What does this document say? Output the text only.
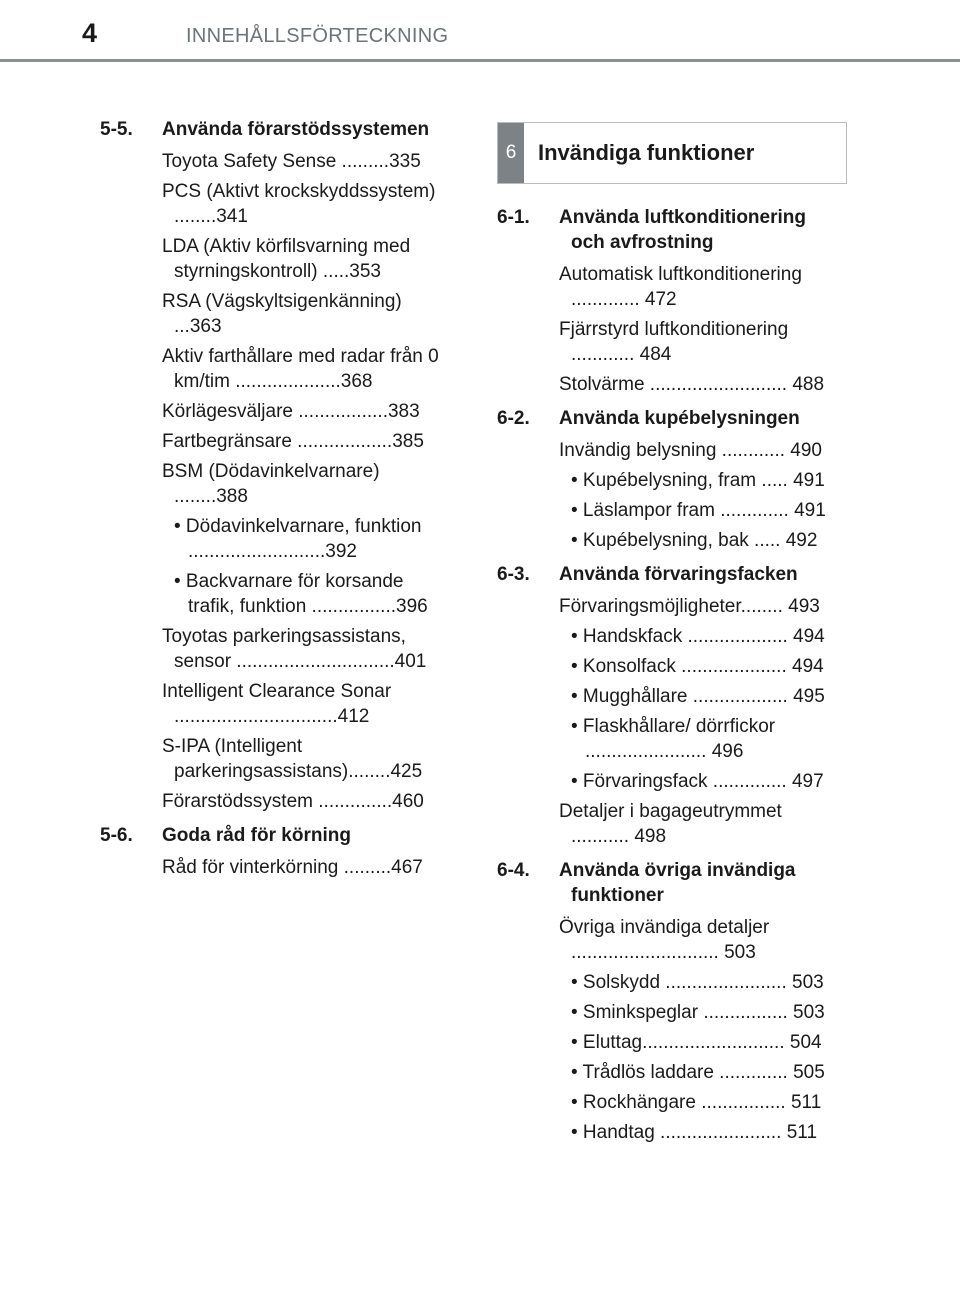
4	INNEHÅLLSFÖRTECKNING
5-5.	Använda förarstödssystemen
Toyota Safety Sense .........335
PCS (Aktivt krockskyddssystem) ........341
LDA (Aktiv körfilsvarning med styrningskontroll) .....353
RSA (Vägskyltsigenkänning) ...363
Aktiv farthållare med radar från 0 km/tim ....................368
Körlägesväljare .................383
Fartbegränsare ..................385
BSM (Dödavinkelvarnare) ........388
• Dödavinkelvarnare, funktion ..........................392
• Backvarnare för korsande trafik, funktion ................396
Toyotas parkeringsassistans, sensor ..............................401
Intelligent Clearance Sonar ...............................412
S-IPA (Intelligent parkeringsassistans)........425
Förarstödssystem ..............460
5-6.	Goda råd för körning
Råd för vinterkörning .........467
6 Invändiga funktioner
6-1.	Använda luftkonditionering och avfrostning
Automatisk luftkonditionering ............. 472
Fjärrstyrd luftkonditionering ............ 484
Stolvärme .......................... 488
6-2.	Använda kupébelysningen
Invändig belysning ............ 490
• Kupébelysning, fram ..... 491
• Läslampor fram ............. 491
• Kupébelysning, bak ..... 492
6-3.	Använda förvaringsfacken
Förvaringsmöjligheter........ 493
• Handskfack ................... 494
• Konsolfack .................... 494
• Mugghållare .................. 495
• Flaskhållare/ dörrfickor ....................... 496
• Förvaringsfack .............. 497
Detaljer i bagageutrymmet ........... 498
6-4.	Använda övriga invändiga funktioner
Övriga invändiga detaljer ............................ 503
• Solskydd ....................... 503
• Sminkspeglar ................ 503
• Eluttag........................... 504
• Trådlös laddare ............. 505
• Rockhängare ................ 511
• Handtag ....................... 511
